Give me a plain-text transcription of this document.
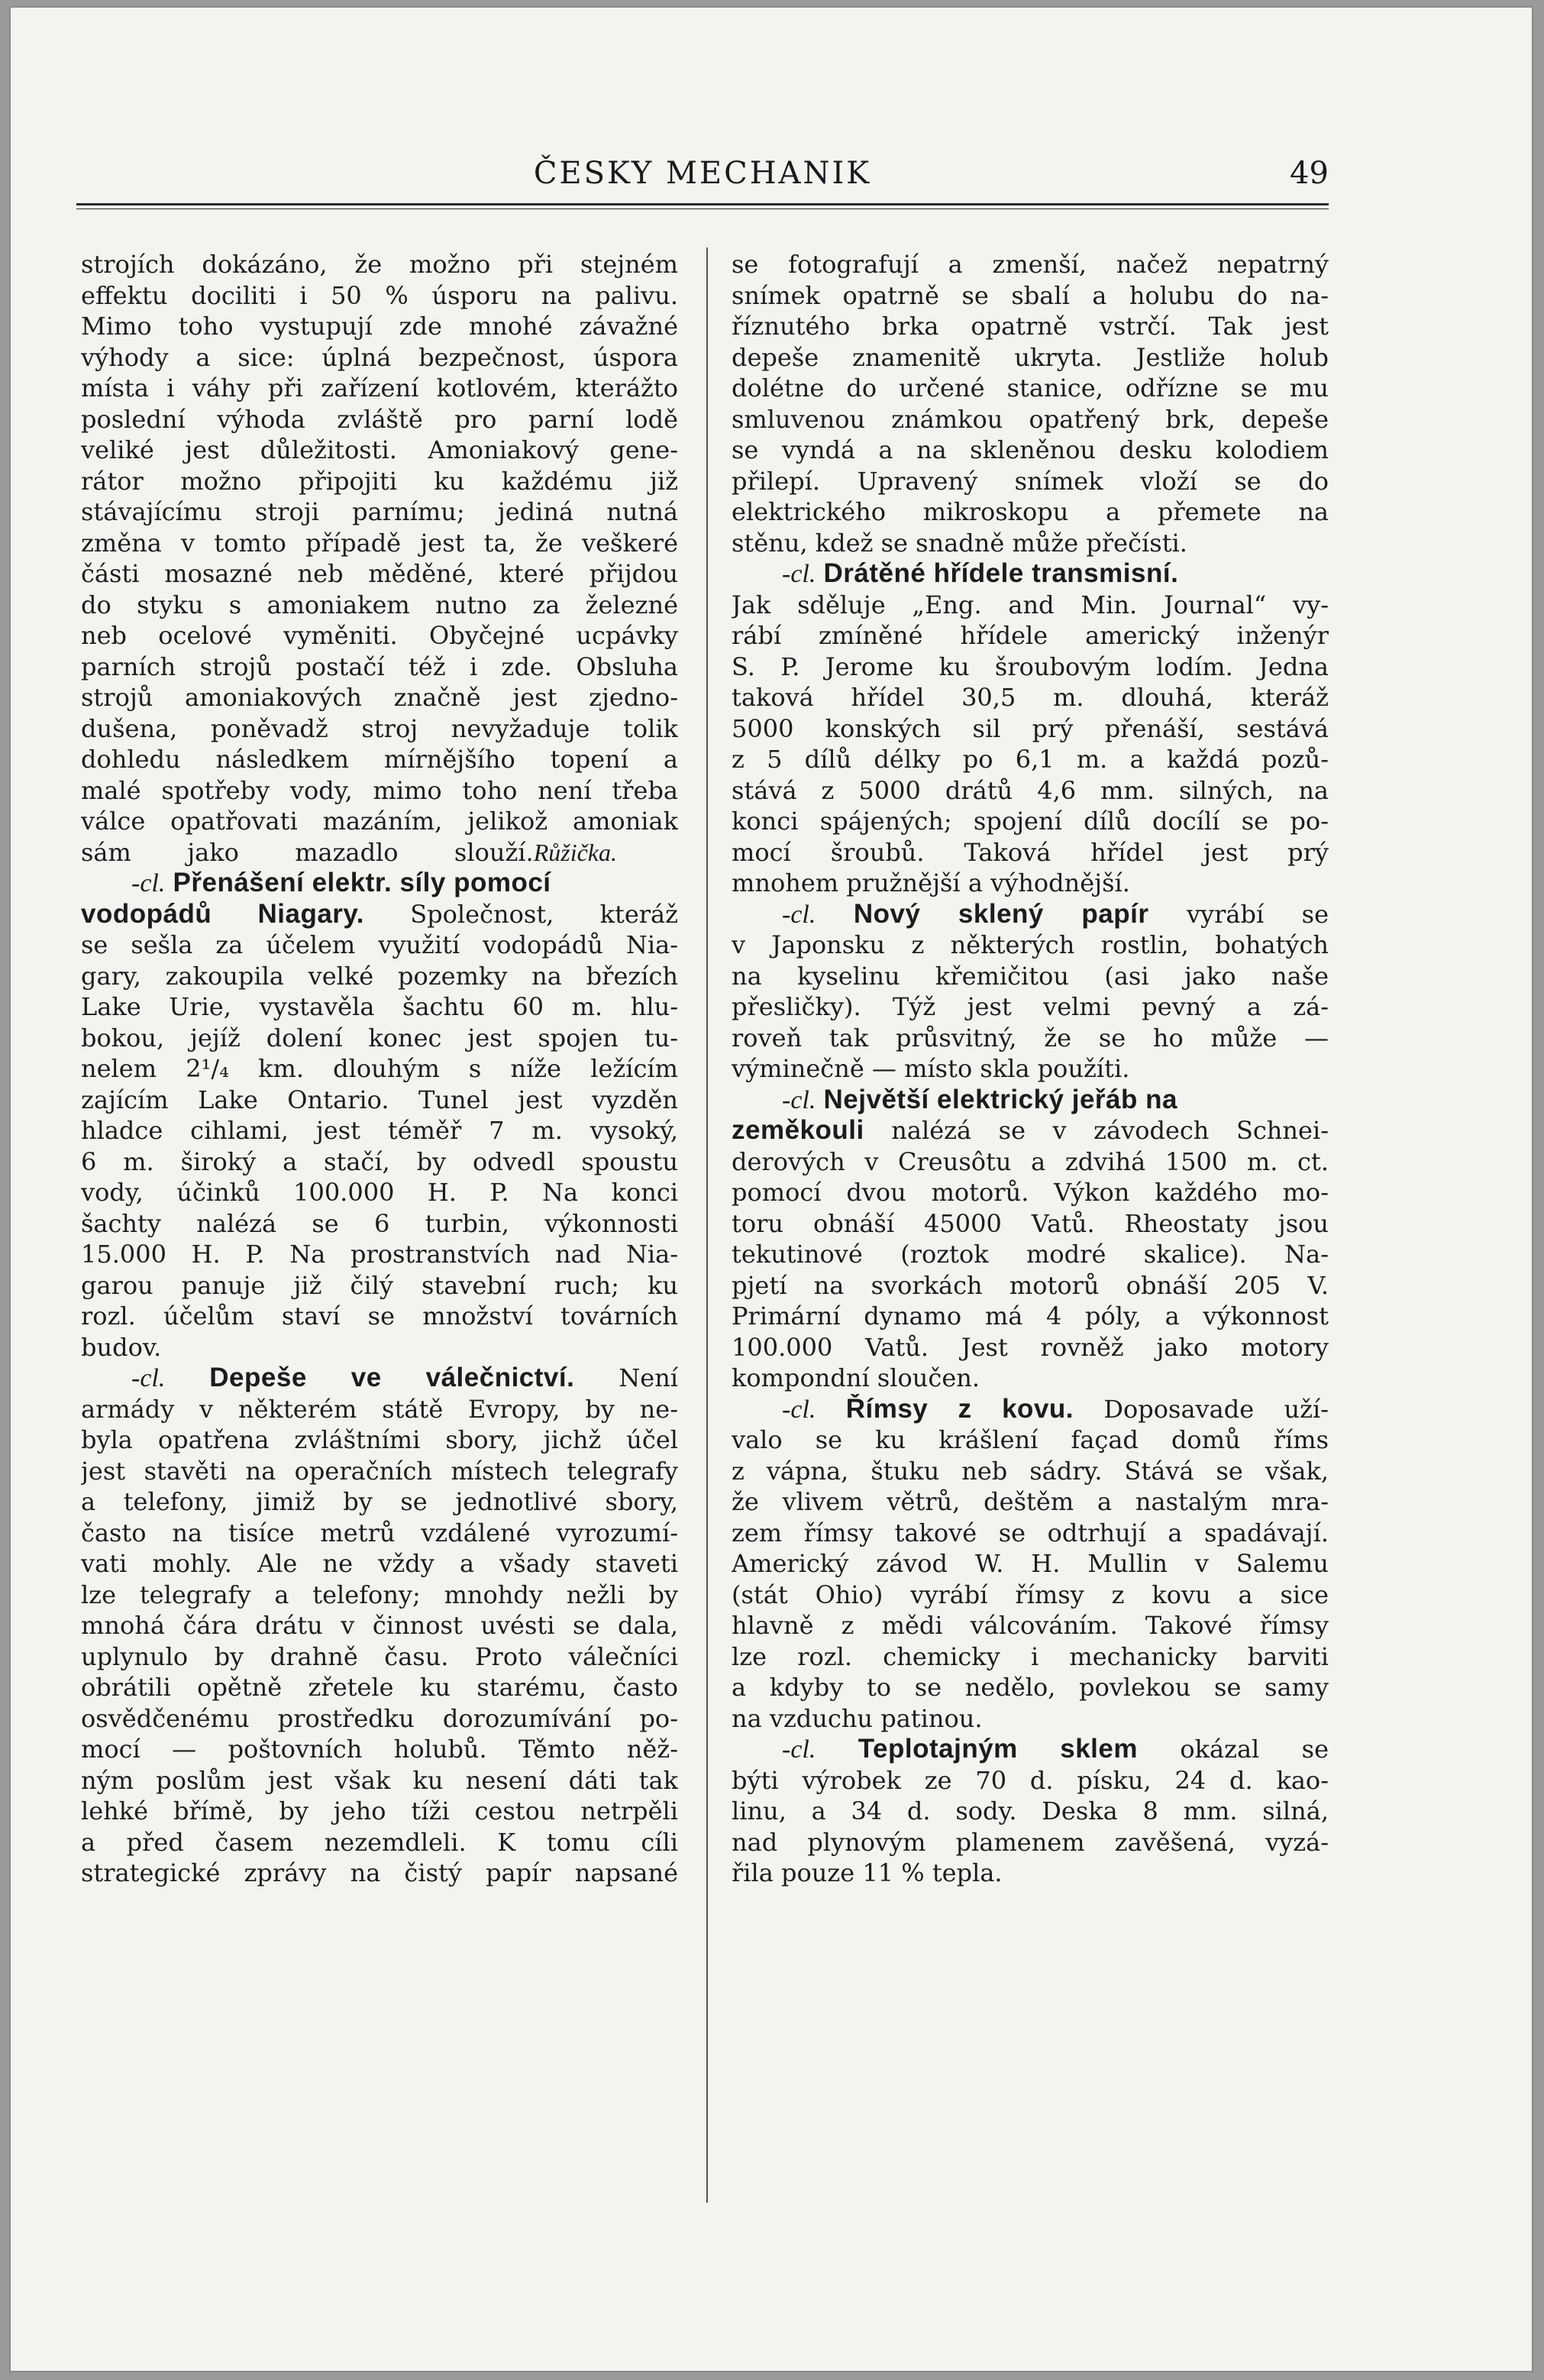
ČESKY MECHANIK	49
strojích dokázáno, že možno při stejném
effektu dociliti i 50 % úsporu na palivu.
Mimo toho vystupují zde mnohé závažné
výhody a sice: úplná bezpečnost, úspora
místa i váhy při zařízení kotlovém, kterážto
poslední výhoda zvláště pro parní lodě
veliké jest důležitosti. Amoniakový gene-
rátor možno připojiti ku každému již
stávajícímu stroji parnímu; jediná nutná
změna v tomto případě jest ta, že veškeré
části mosazné neb měděné, které přijdou
do styku s amoniakem nutno za železné
neb ocelové vyměniti. Obyčejné ucpávky
parních strojů postačí též i zde. Obsluha
strojů amoniakových značně jest zjedno-
dušena, poněvadž stroj nevyžaduje tolik
dohledu následkem mírnějšího topení a
malé spotřeby vody, mimo toho není třeba
válce opatřovati mazáním, jelikož amoniak
sám jako mazadlo slouží. Růžička.
-cl. Přenášení elektr. síly pomocí
vodopádů Niagary. Společnost, kteráž
se sešla za účelem využití vodopádů Nia-
gary, zakoupila velké pozemky na březích
Lake Urie, vystavěla šachtu 60 m. hlu-
bokou, jejíž dolení konec jest spojen tu-
nelem 2¹/₄ km. dlouhým s níže ležícím
zajícím Lake Ontario. Tunel jest vyzděn
hladce cihlami, jest téměř 7 m. vysoký,
6 m. široký a stačí, by odvedl spoustu
vody, účinků 100.000 H. P. Na konci
šachty nalézá se 6 turbin, výkonnosti
15.000 H. P. Na prostranstvích nad Nia-
garou panuje již čilý stavební ruch; ku
rozl. účelům staví se množství továrních
budov.
-cl. Depeše ve válečnictví. Není
armády v některém státě Evropy, by ne-
byla opatřena zvláštními sbory, jichž účel
jest stavěti na operačních místech telegrafy
a telefony, jimiž by se jednotlivé sbory,
často na tisíce metrů vzdálené vyrozumí-
vati mohly. Ale ne vždy a všady staveti
lze telegrafy a telefony; mnohdy nežli by
mnohá čára drátu v činnost uvésti se dala,
uplynulo by drahně času. Proto válečníci
obrátili opětně zřetele ku starému, často
osvědčenému prostředku dorozumívání po-
mocí — poštovních holubů. Těmto něž-
ným poslům jest však ku nesení dáti tak
lehké břímě, by jeho tíži cestou netrpěli
a před časem nezemdleli. K tomu cíli
strategické zprávy na čistý papír napsané
se fotografují a zmenší, načež nepatrný
snímek opatrně se sbalí a holubu do na-
říznutého brka opatrně vstrčí. Tak jest
depeše znamenitě ukryta. Jestliže holub
dolétne do určené stanice, odřízne se mu
smluvenou známkou opatřený brk, depeše
se vyndá a na skleněnou desku kolodiem
přilepí. Upravený snímek vloží se do
elektrického mikroskopu a přemete na
stěnu, kdež se snadně může přečísti.
-cl. Drátěné hřídele transmisní.
Jak sděluje „Eng. and Min. Journal“ vy-
rábí zmíněné hřídele americký inženýr
S. P. Jerome ku šroubovým lodím. Jedna
taková hřídel 30,5 m. dlouhá, kteráž
5000 konských sil prý přenáší, sestává
z 5 dílů délky po 6,1 m. a každá pozů-
stává z 5000 drátů 4,6 mm. silných, na
konci spájených; spojení dílů docílí se po-
mocí šroubů. Taková hřídel jest prý
mnohem pružnější a výhodnější.
-cl. Nový sklený papír vyrábí se
v Japonsku z některých rostlin, bohatých
na kyselinu křemičitou (asi jako naše
přesličky). Týž jest velmi pevný a zá-
roveň tak průsvitný, že se ho může —
výminečně — místo skla použíti.
-cl. Největší elektrický jeřáb na
zeměkouli nalézá se v závodech Schnei-
derových v Creusôtu a zdvihá 1500 m. ct.
pomocí dvou motorů. Výkon každého mo-
toru obnáší 45000 Vatů. Rheostaty jsou
tekutinové (roztok modré skalice). Na-
pjetí na svorkách motorů obnáší 205 V.
Primární dynamo má 4 póly, a výkonnost
100.000 Vatů. Jest rovněž jako motory
kompondní sloučen.
-cl. Římsy z kovu. Doposavade uží-
valo se ku krášlení façad domů říms
z vápna, štuku neb sádry. Stává se však,
že vlivem větrů, deštěm a nastalým mra-
zem římsy takové se odtrhují a spadávají.
Americký závod W. H. Mullin v Salemu
(stát Ohio) vyrábí římsy z kovu a sice
hlavně z mědi válcováním. Takové římsy
lze rozl. chemicky i mechanicky barviti
a kdyby to se nedělo, povlekou se samy
na vzduchu patinou.
-cl. Teplotajným sklem okázal se
býti výrobek ze 70 d. písku, 24 d. kao-
linu, a 34 d. sody. Deska 8 mm. silná,
nad plynovým plamenem zavěšená, vyzá-
řila pouze 11 % tepla.
